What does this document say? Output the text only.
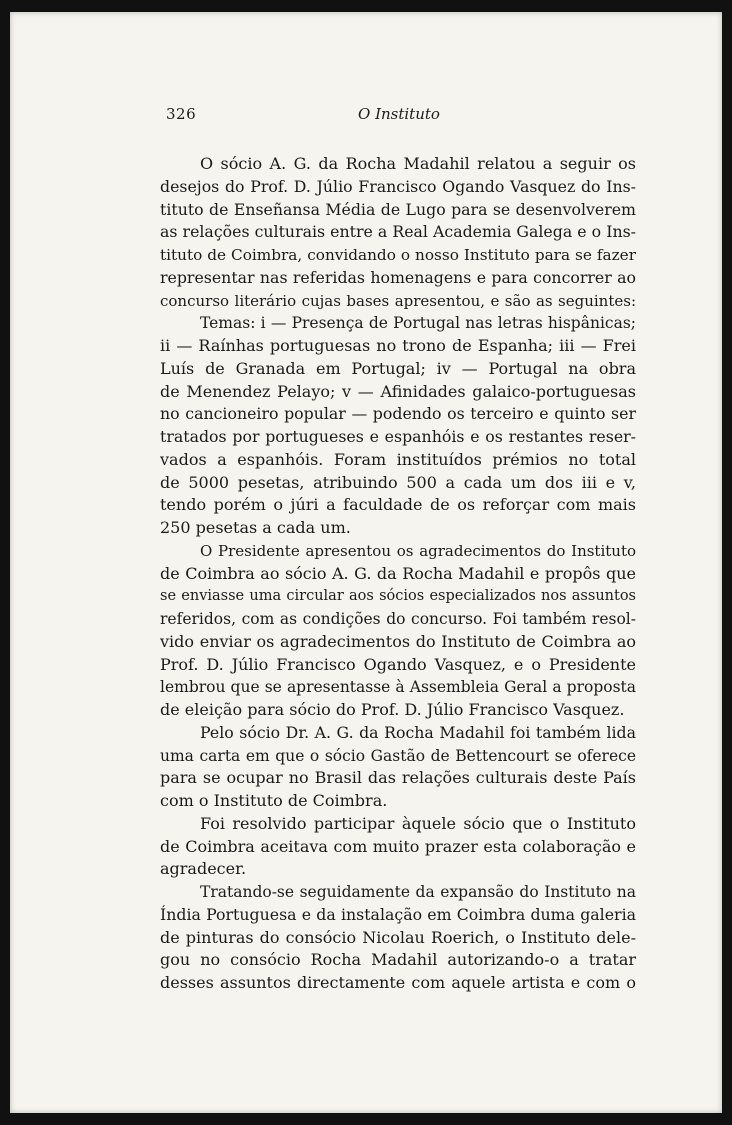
326	O Instituto
O sócio A. G. da Rocha Madahil relatou a seguir os
desejos do Prof. D. Júlio Francisco Ogando Vasquez do Ins-
tituto de Enseñansa Média de Lugo para se desenvolverem
as relações culturais entre a Real Academia Galega e o Ins-
tituto de Coimbra, convidando o nosso Instituto para se fazer
representar nas referidas homenagens e para concorrer ao
concurso literário cujas bases apresentou, e são as seguintes:
Temas: i — Presença de Portugal nas letras hispânicas;
ii — Raínhas portuguesas no trono de Espanha; iii — Frei
Luís de Granada em Portugal; iv — Portugal na obra
de Menendez Pelayo; v — Afinidades galaico-portuguesas
no cancioneiro popular — podendo os terceiro e quinto ser
tratados por portugueses e espanhóis e os restantes reser-
vados a espanhóis. Foram instituídos prémios no total
de 5000 pesetas, atribuindo 500 a cada um dos iii e v,
tendo porém o júri a faculdade de os reforçar com mais
250 pesetas a cada um.
O Presidente apresentou os agradecimentos do Instituto
de Coimbra ao sócio A. G. da Rocha Madahil e propôs que
se enviasse uma circular aos sócios especializados nos assuntos
referidos, com as condições do concurso. Foi também resol-
vido enviar os agradecimentos do Instituto de Coimbra ao
Prof. D. Júlio Francisco Ogando Vasquez, e o Presidente
lembrou que se apresentasse à Assembleia Geral a proposta
de eleição para sócio do Prof. D. Júlio Francisco Vasquez.
Pelo sócio Dr. A. G. da Rocha Madahil foi também lida
uma carta em que o sócio Gastão de Bettencourt se oferece
para se ocupar no Brasil das relações culturais deste País
com o Instituto de Coimbra.
Foi resolvido participar àquele sócio que o Instituto
de Coimbra aceitava com muito prazer esta colaboração e
agradecer.
Tratando-se seguidamente da expansão do Instituto na
Índia Portuguesa e da instalação em Coimbra duma galeria
de pinturas do consócio Nicolau Roerich, o Instituto dele-
gou no consócio Rocha Madahil autorizando-o a tratar
desses assuntos directamente com aquele artista e com o
